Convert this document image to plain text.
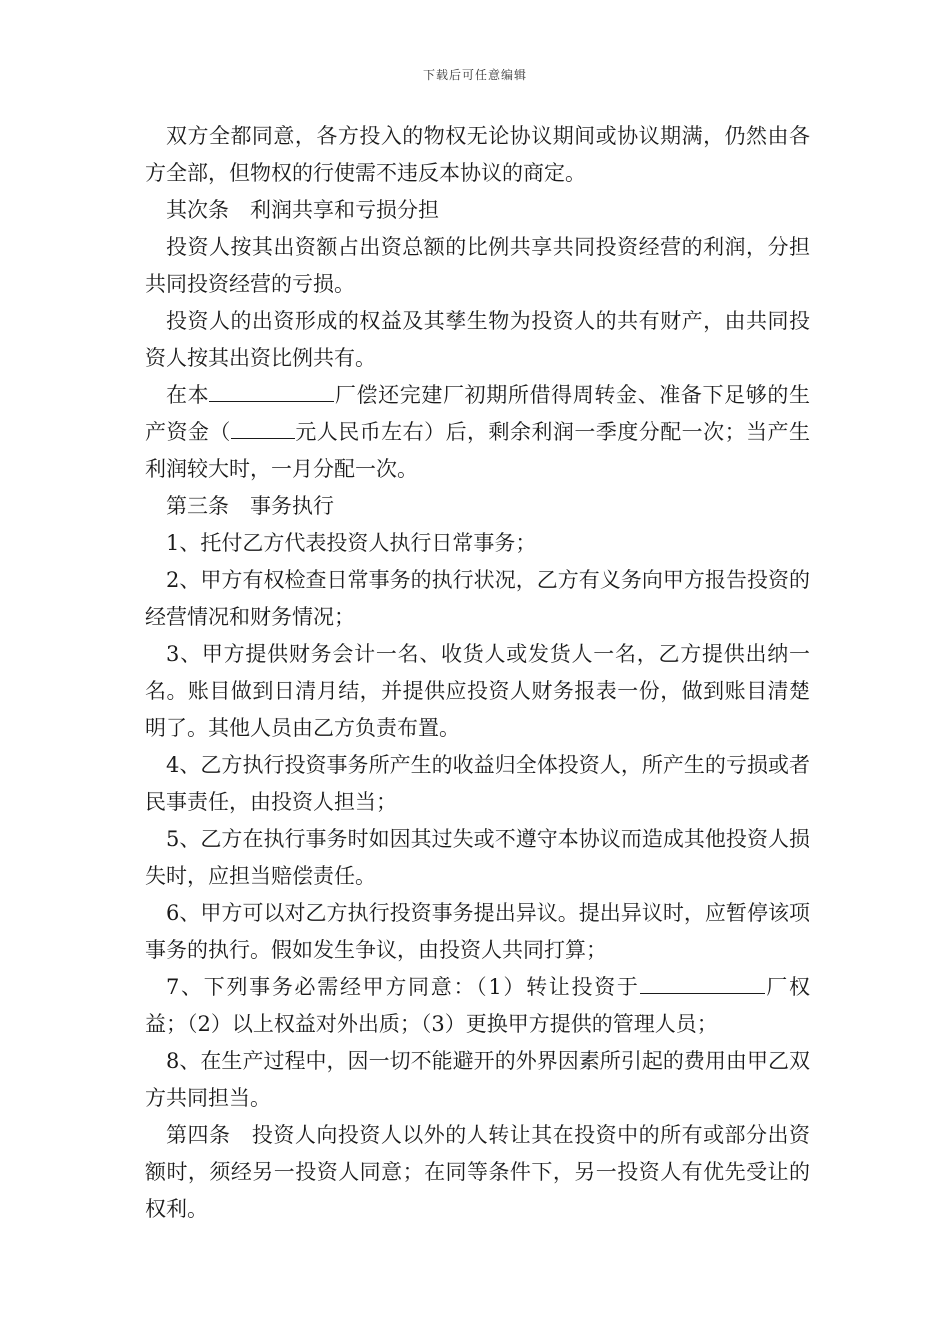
下载后可任意编辑

双方全都同意，各方投入的物权无论协议期间或协议期满，仍然由各方全部，但物权的行使需不违反本协议的商定。

其次条　利润共享和亏损分担

投资人按其出资额占出资总额的比例共享共同投资经营的利润，分担共同投资经营的亏损。

投资人的出资形成的权益及其孳生物为投资人的共有财产，由共同投资人按其出资比例共有。

在本	厂偿还完建厂初期所借得周转金、准备下足够的生产资金（	元人民币左右）后，剩余利润一季度分配一次；当产生利润较大时，一月分配一次。

第三条　事务执行

1、托付乙方代表投资人执行日常事务；

2、甲方有权检查日常事务的执行状况，乙方有义务向甲方报告投资的经营情况和财务情况；

3、甲方提供财务会计一名、收货人或发货人一名，乙方提供出纳一名。账目做到日清月结，并提供应投资人财务报表一份，做到账目清楚明了。其他人员由乙方负责布置。

4、乙方执行投资事务所产生的收益归全体投资人，所产生的亏损或者民事责任，由投资人担当；

5、乙方在执行事务时如因其过失或不遵守本协议而造成其他投资人损失时，应担当赔偿责任。

6、甲方可以对乙方执行投资事务提出异议。提出异议时，应暂停该项事务的执行。假如发生争议，由投资人共同打算；

7、下列事务必需经甲方同意：（1）转让投资于	厂权益；（2）以上权益对外出质；（3）更换甲方提供的管理人员；

8、在生产过程中，因一切不能避开的外界因素所引起的费用由甲乙双方共同担当。

第四条　投资人向投资人以外的人转让其在投资中的所有或部分出资额时，须经另一投资人同意；在同等条件下，另一投资人有优先受让的权利。
